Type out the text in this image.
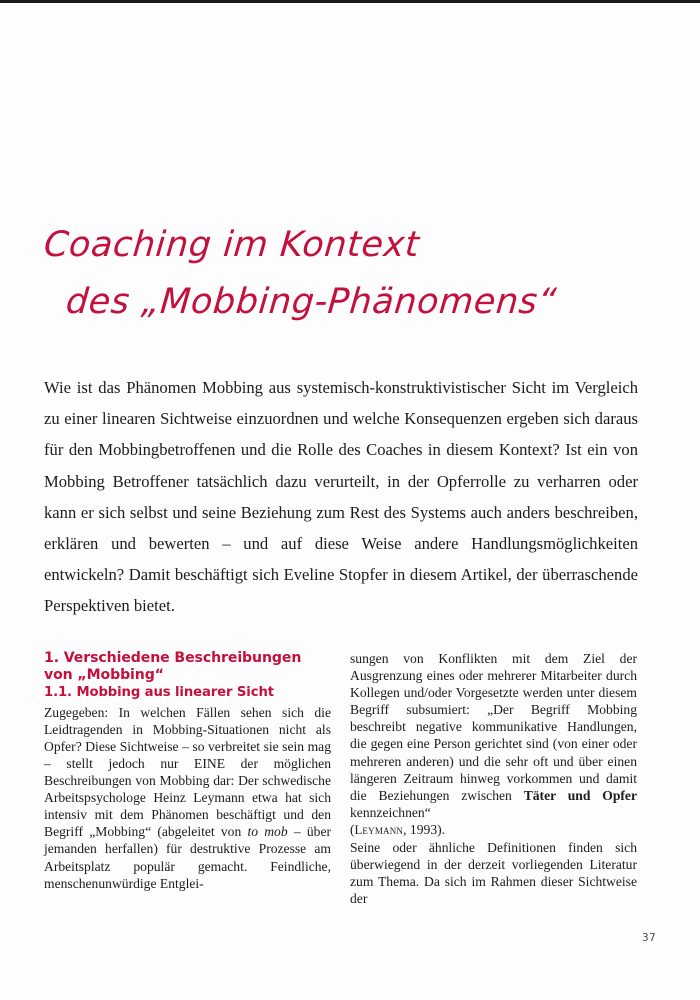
Coaching im Kontext
des „Mobbing-Phänomens“
Wie ist das Phänomen Mobbing aus systemisch-konstruktivistischer Sicht im Vergleich zu einer linearen Sichtweise einzuordnen und welche Konsequenzen ergeben sich daraus für den Mobbingbetroffenen und die Rolle des Coaches in diesem Kontext? Ist ein von Mobbing Betroffener tatsächlich dazu verurteilt, in der Opferrolle zu verharren oder kann er sich selbst und seine Beziehung zum Rest des Systems auch anders beschreiben, erklären und bewerten – und auf diese Weise andere Handlungsmöglichkeiten entwickeln? Damit beschäftigt sich Eveline Stopfer in diesem Artikel, der überraschende Perspektiven bietet.
1. Verschiedene Beschreibungen von „Mobbing“
1.1. Mobbing aus linearer Sicht

Zugegeben: In welchen Fällen sehen sich die Leidtragenden in Mobbing-Situationen nicht als Opfer? Diese Sichtweise – so verbreitet sie sein mag – stellt jedoch nur EINE der möglichen Beschreibungen von Mobbing dar: Der schwedische Arbeitspsychologe Heinz Leymann etwa hat sich intensiv mit dem Phänomen beschäftigt und den Begriff „Mobbing“ (abgeleitet von to mob – über jemanden herfallen) für destruktive Prozesse am Arbeitsplatz populär gemacht. Feindliche, menschenunwürdige Entglei-

sungen von Konflikten mit dem Ziel der Ausgrenzung eines oder mehrerer Mitarbeiter durch Kollegen und/oder Vorgesetzte werden unter diesem Begriff subsumiert: „Der Begriff Mobbing beschreibt negative kommunikative Handlungen, die gegen eine Person gerichtet sind (von einer oder mehreren anderen) und die sehr oft und über einen längeren Zeitraum hinweg vorkommen und damit die Beziehungen zwischen Täter und Opfer kennzeichnen“

(Leymann, 1993).

Seine oder ähnliche Definitionen finden sich überwiegend in der derzeit vorliegenden Literatur zum Thema. Da sich im Rahmen dieser Sichtweise der

37
